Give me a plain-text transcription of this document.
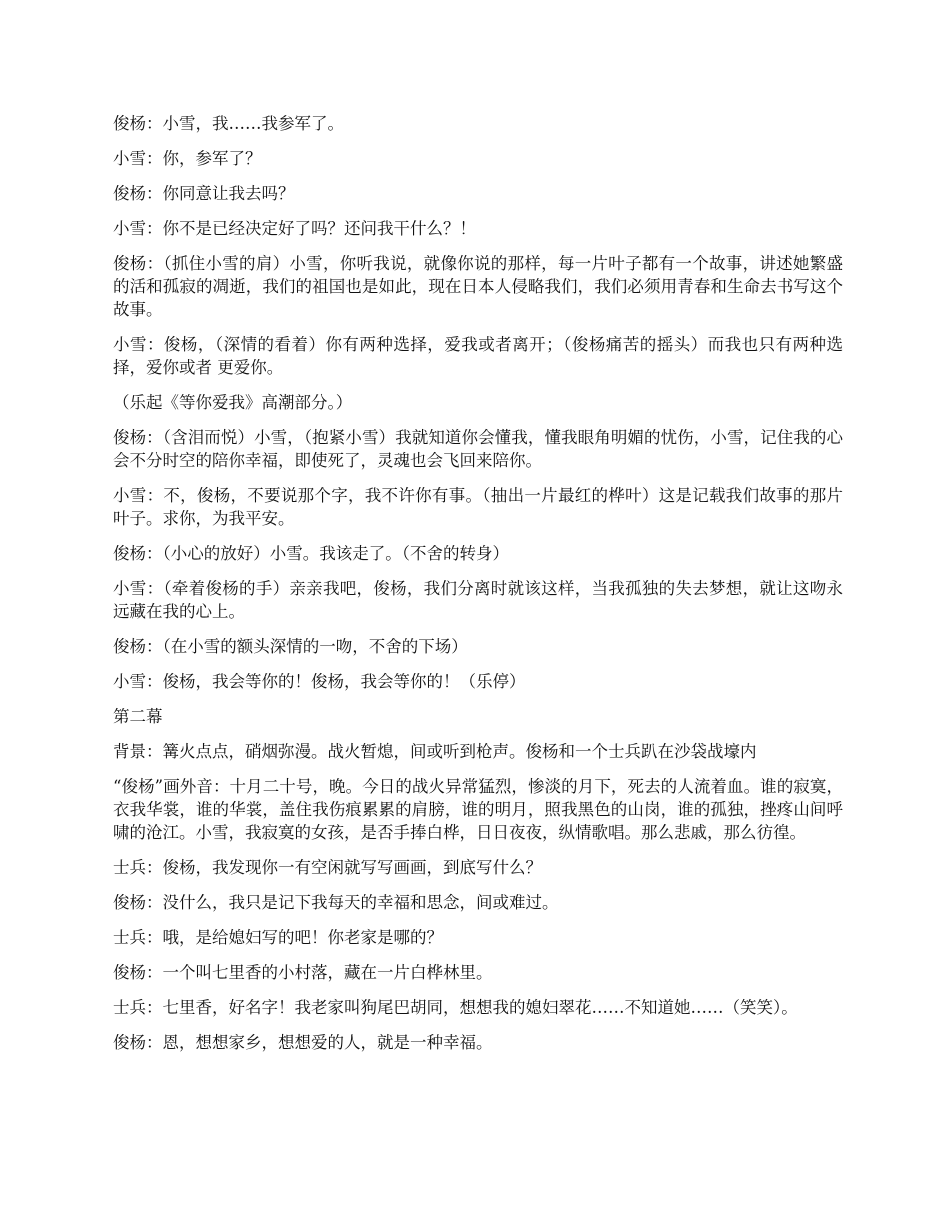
俊杨：小雪，我……我参军了。

小雪：你，参军了？

俊杨：你同意让我去吗？

小雪：你不是已经决定好了吗？还问我干什么？！

俊杨：（抓住小雪的肩）小雪，你听我说，就像你说的那样，每一片叶子都有一个故事，讲述她繁盛的活和孤寂的凋逝，我们的祖国也是如此，现在日本人侵略我们，我们必须用青春和生命去书写这个故事。

小雪：俊杨，（深情的看着）你有两种选择，爱我或者离开；（俊杨痛苦的摇头）而我也只有两种选择，爱你或者 更爱你。

（乐起《等你爱我》高潮部分。）

俊杨：（含泪而悦）小雪，（抱紧小雪）我就知道你会懂我，懂我眼角明媚的忧伤，小雪，记住我的心会不分时空的陪你幸福，即使死了，灵魂也会飞回来陪你。

小雪：不，俊杨，不要说那个字，我不许你有事。（抽出一片最红的桦叶）这是记载我们故事的那片叶子。求你，为我平安。

俊杨：（小心的放好）小雪。我该走了。（不舍的转身）

小雪：（牵着俊杨的手）亲亲我吧，俊杨，我们分离时就该这样，当我孤独的失去梦想，就让这吻永远藏在我的心上。

俊杨：（在小雪的额头深情的一吻，不舍的下场）

小雪：俊杨，我会等你的！俊杨，我会等你的！（乐停）

第二幕

背景：篝火点点，硝烟弥漫。战火暂熄，间或听到枪声。俊杨和一个士兵趴在沙袋战壕内

“俊杨”画外音：十月二十号，晚。今日的战火异常猛烈，惨淡的月下，死去的人流着血。谁的寂寞，衣我华裳，谁的华裳，盖住我伤痕累累的肩膀，谁的明月，照我黑色的山岗，谁的孤独，挫疼山间呼啸的沧江。小雪，我寂寞的女孩，是否手捧白桦，日日夜夜，纵情歌唱。那么悲戚，那么彷徨。

士兵：俊杨，我发现你一有空闲就写写画画，到底写什么？

俊杨：没什么，我只是记下我每天的幸福和思念，间或难过。

士兵：哦，是给媳妇写的吧！你老家是哪的？

俊杨：一个叫七里香的小村落，藏在一片白桦林里。

士兵：七里香，好名字！我老家叫狗尾巴胡同，想想我的媳妇翠花……不知道她……（笑笑）。

俊杨：恩，想想家乡，想想爱的人，就是一种幸福。
